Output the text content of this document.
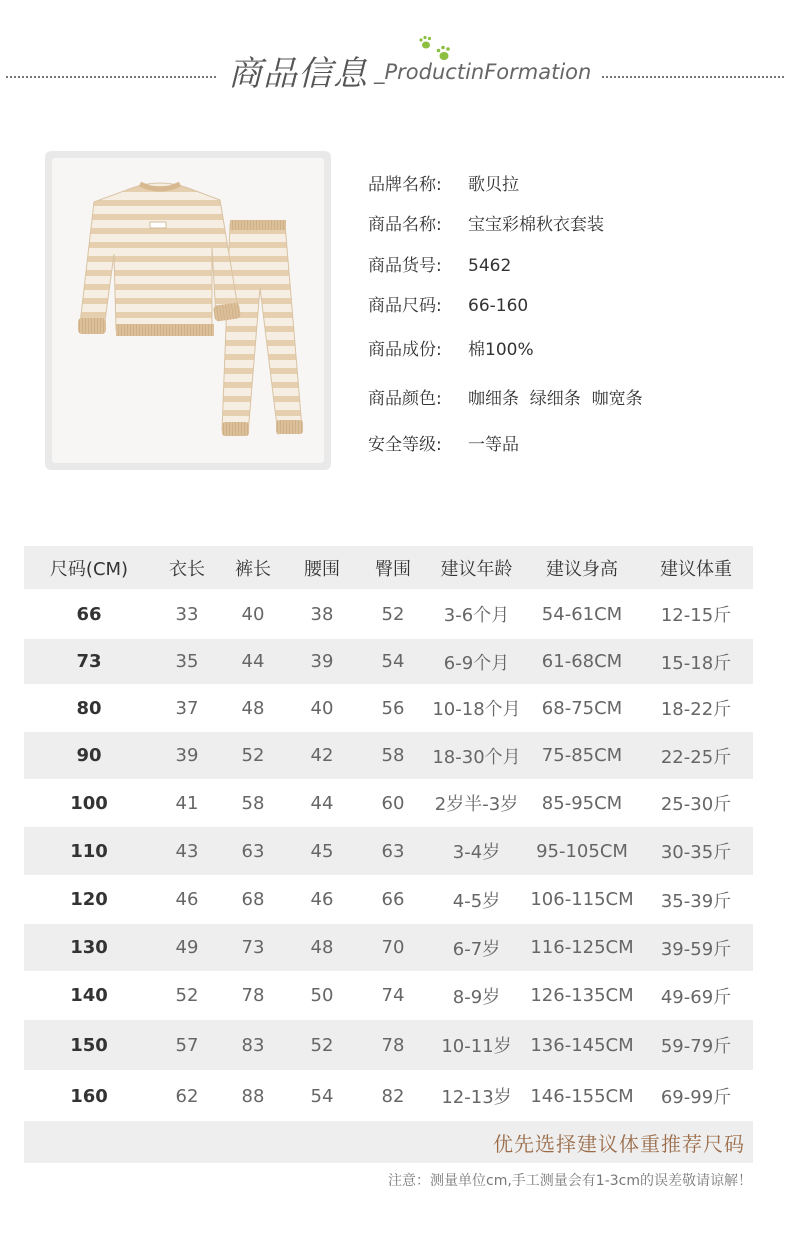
商品信息 _ProductinFormation
品牌名称: 歌贝拉
商品名称: 宝宝彩棉秋衣套装
商品货号: 5462
商品尺码: 66-160
商品成份: 棉100%
商品颜色: 咖细条  绿细条  咖宽条
安全等级: 一等品
尺码(CM)	衣长	裤长	腰围	臀围	建议年龄	建议身高	建议体重
66	33	40	38	52	3-6个月	54-61CM	12-15斤
73	35	44	39	54	6-9个月	61-68CM	15-18斤
80	37	48	40	56	10-18个月	68-75CM	18-22斤
90	39	52	42	58	18-30个月	75-85CM	22-25斤
100	41	58	44	60	2岁半-3岁	85-95CM	25-30斤
110	43	63	45	63	3-4岁	95-105CM	30-35斤
120	46	68	46	66	4-5岁	106-115CM	35-39斤
130	49	73	48	70	6-7岁	116-125CM	39-59斤
140	52	78	50	74	8-9岁	126-135CM	49-69斤
150	57	83	52	78	10-11岁	136-145CM	59-79斤
160	62	88	54	82	12-13岁	146-155CM	69-99斤
优先选择建议体重推荐尺码
注意：测量单位cm,手工测量会有1-3cm的误差敬请谅解！
